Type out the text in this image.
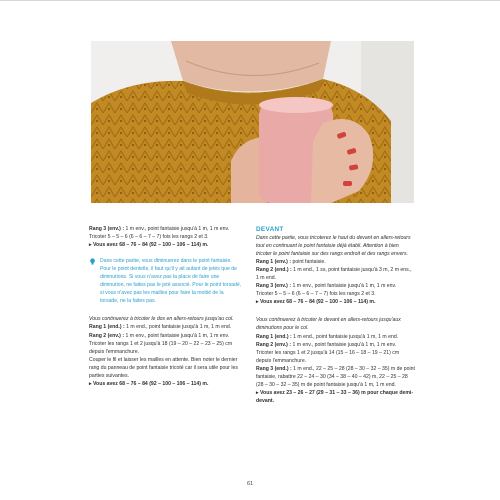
Rang 3 (env.) : 1 m env., point fantaisie jusqu'à 1 m, 1 m env.

Tricoter 5 – 5 – 6 (6 – 6 – 7 – 7) fois les rangs 2 et 3.

▸ Vous avez 68 – 76 – 84 (92 – 100 – 106 – 114) m.

Dans cette partie, vous diminuerez dans le point fantaisie. Pour le point dentelle, il faut qu'il y ait autant de jetés que de diminutions. Si vous n'avez pas la place de faire une diminution, ne faites pas le jeté associé. Pour le point torsadé, si vous n'avez pas les mailles pour faire la moitié de la torsade, ne la faites pas.

Vous continuerez à tricoter le dos en allers-retours jusqu'au col.

Rang 1 (end.) : 1 m end., point fantaisie jusqu'à 1 m, 1 m end.

Rang 2 (env.) : 1 m env., point fantaisie jusqu'à 1 m, 1 m env.

Tricoter les rangs 1 et 2 jusqu'à 18 (19 – 20 – 22 – 23 – 25) cm depuis l'emmanchure.

Couper le fil et laisser les mailles en attente. Bien noter le dernier rang du panneau de point fantaisie tricoté car il sera utile pour les parties suivantes.

▸ Vous avez 68 – 76 – 84 (92 – 100 – 106 – 114) m.

DEVANT

Dans cette partie, vous tricoterez le haut du devant en allers-retours tout en continuant le point fantaisie déjà établi. Attention à bien tricoter le point fantaisie sur des rangs endroit et des rangs envers.

Rang 1 (env.) : point fantaisie.

Rang 2 (end.) : 1 m end., 1 ss, point fantaisie jusqu'à 3 m, 2 m ens., 1 m end.

Rang 3 (env.) : 1 m env., point fantaisie jusqu'à 1 m, 1 m env.

Tricoter 5 – 5 – 6 (6 – 6 – 7 – 7) fois les rangs 2 et 3.

▸ Vous avez 68 – 76 – 84 (92 – 100 – 106 – 114) m.

Vous continuerez à tricoter le devant en allers-retours jusqu'aux diminutions pour le col.

Rang 1 (end.) : 1 m end., point fantaisie jusqu'à 1 m, 1 m end.

Rang 2 (env.) : 1 m env., point fantaisie jusqu'à 1 m, 1 m env.

Tricoter les rangs 1 et 2 jusqu'à 14 (15 – 16 – 18 – 19 – 21) cm depuis l'emmanchure.

Rang 3 (end.) : 1 m end., 22 – 25 – 28 (28 – 30 – 32 – 35) m de point fantaisie, rabattre 22 – 24 – 30 (34 – 38 – 40 – 42) m, 22 – 25 – 28 (28 – 30 – 32 – 35) m de point fantaisie jusqu'à 1 m, 1 m end.

▸ Vous avez 23 – 26 – 27 (29 – 31 – 33 – 36) m pour chaque demi-devant.

61
